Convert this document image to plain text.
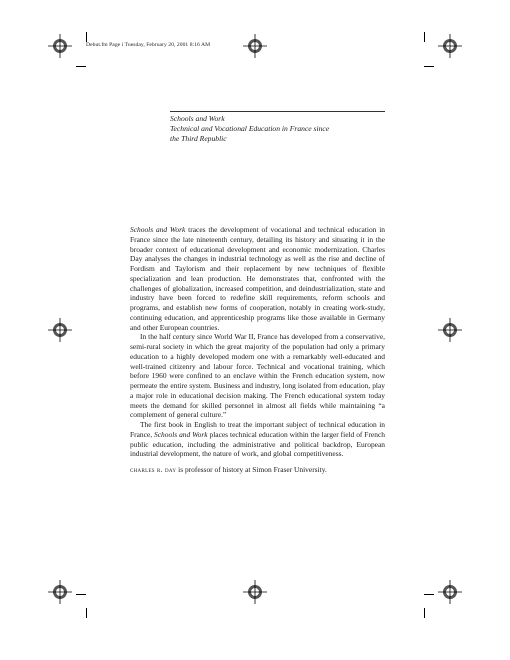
Debut.fm Page i Tuesday, February 20, 2001 8:16 AM
Schools and Work
Technical and Vocational Education in France since
the Third Republic

Schools and Work traces the development of vocational and technical education in France since the late nineteenth century, detailing its history and situating it in the broader context of educational development and economic modernization. Charles Day analyses the changes in industrial technology as well as the rise and decline of Fordism and Taylorism and their replacement by new techniques of flexible specialization and lean production. He demonstrates that, confronted with the challenges of globalization, increased competition, and deindustrialization, state and industry have been forced to redefine skill requirements, reform schools and programs, and establish new forms of cooperation, notably in creating work-study, continuing education, and apprenticeship programs like those available in Germany and other European countries.

In the half century since World War II, France has developed from a conservative, semi-rural society in which the great majority of the population had only a primary education to a highly developed modern one with a remarkably well-educated and well-trained citizenry and labour force. Technical and vocational training, which before 1960 were confined to an enclave within the French education system, now permeate the entire system. Business and industry, long isolated from education, play a major role in educational decision making. The French educational system today meets the demand for skilled personnel in almost all fields while maintaining “a complement of general culture.”

The first book in English to treat the important subject of technical education in France, Schools and Work places technical education within the larger field of French public education, including the administrative and political backdrop, European industrial development, the nature of work, and global competitiveness.

charles r. day is professor of history at Simon Fraser University.
